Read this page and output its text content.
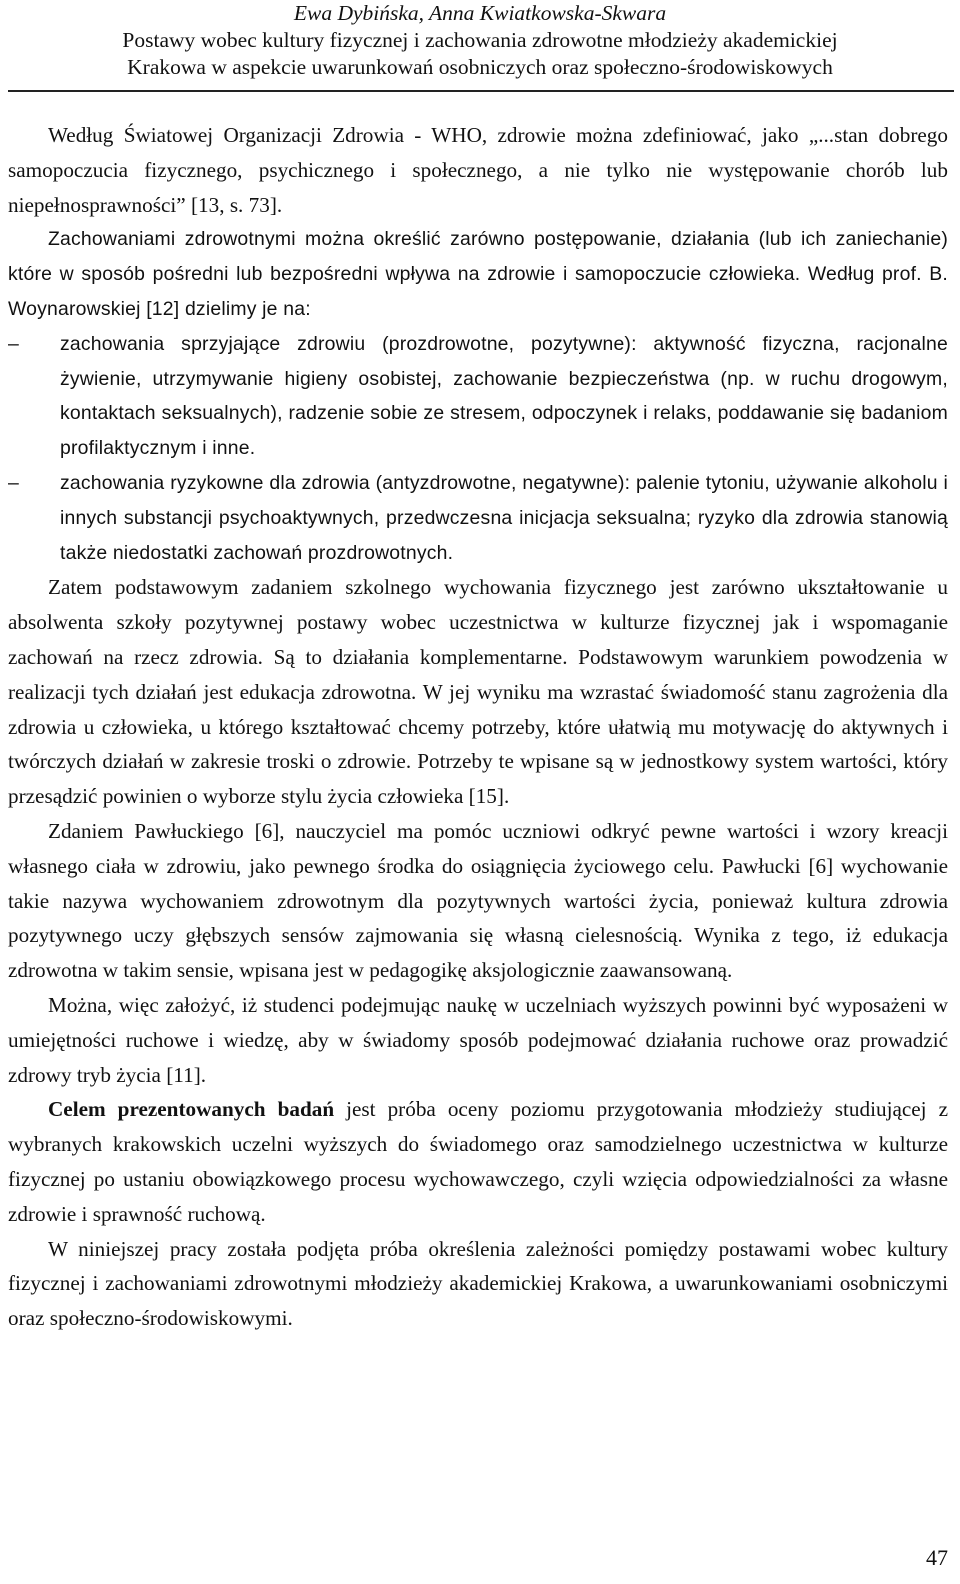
Ewa Dybińska, Anna Kwiatkowska-Skwara
Postawy wobec kultury fizycznej i zachowania zdrowotne młodzieży akademickiej
Krakowa w aspekcie uwarunkowań osobniczych oraz społeczno-środowiskowych

Według Światowej Organizacji Zdrowia - WHO, zdrowie można zdefiniować, jako „...stan dobrego samopoczucia fizycznego, psychicznego i społecznego, a nie tylko nie występowanie chorób lub niepełnosprawności” [13, s. 73].

Zachowaniami zdrowotnymi można określić zarówno postępowanie, działania (lub ich zaniechanie) które w sposób pośredni lub bezpośredni wpływa na zdrowie i samopoczucie człowieka. Według prof. B. Woynarowskiej [12] dzielimy je na:

–	zachowania sprzyjające zdrowiu (prozdrowotne, pozytywne): aktywność fizyczna, racjonalne żywienie, utrzymywanie higieny osobistej, zachowanie bezpieczeństwa (np. w ruchu drogowym, kontaktach seksualnych), radzenie sobie ze stresem, odpoczynek i relaks, poddawanie się badaniom profilaktycznym i inne.
–	zachowania ryzykowne dla zdrowia (antyzdrowotne, negatywne): palenie tytoniu, używanie alkoholu i innych substancji psychoaktywnych, przedwczesna inicjacja seksualna; ryzyko dla zdrowia stanowią także niedostatki zachowań prozdrowotnych.

Zatem podstawowym zadaniem szkolnego wychowania fizycznego jest zarówno ukształtowanie u absolwenta szkoły pozytywnej postawy wobec uczestnictwa w kulturze fizycznej jak i wspomaganie zachowań na rzecz zdrowia. Są to działania komplementarne. Podstawowym warunkiem powodzenia w realizacji tych działań jest edukacja zdrowotna. W jej wyniku ma wzrastać świadomość stanu zagrożenia dla zdrowia u człowieka, u którego kształtować chcemy potrzeby, które ułatwią mu motywację do aktywnych i twórczych działań w zakresie troski o zdrowie. Potrzeby te wpisane są w jednostkowy system wartości, który przesądzić powinien o wyborze stylu życia człowieka [15].

Zdaniem Pawłuckiego [6], nauczyciel ma pomóc uczniowi odkryć pewne wartości i wzory kreacji własnego ciała w zdrowiu, jako pewnego środka do osiągnięcia życiowego celu. Pawłucki [6] wychowanie takie nazywa wychowaniem zdrowotnym dla pozytywnych wartości życia, ponieważ kultura zdrowia pozytywnego uczy głębszych sensów zajmowania się własną cielesnością. Wynika z tego, iż edukacja zdrowotna w takim sensie, wpisana jest w pedagogikę aksjologicznie zaawansowaną.

Można, więc założyć, iż studenci podejmując naukę w uczelniach wyższych powinni być wyposażeni w umiejętności ruchowe i wiedzę, aby w świadomy sposób podejmować działania ruchowe oraz prowadzić zdrowy tryb życia [11].

Celem prezentowanych badań jest próba oceny poziomu przygotowania młodzieży studiującej z wybranych krakowskich uczelni wyższych do świadomego oraz samodzielnego uczestnictwa w kulturze fizycznej po ustaniu obowiązkowego procesu wychowawczego, czyli wzięcia odpowiedzialności za własne zdrowie i sprawność ruchową.

W niniejszej pracy została podjęta próba określenia zależności pomiędzy postawami wobec kultury fizycznej i zachowaniami zdrowotnymi młodzieży akademickiej Krakowa, a uwarunkowaniami osobniczymi oraz społeczno-środowiskowymi.

47
